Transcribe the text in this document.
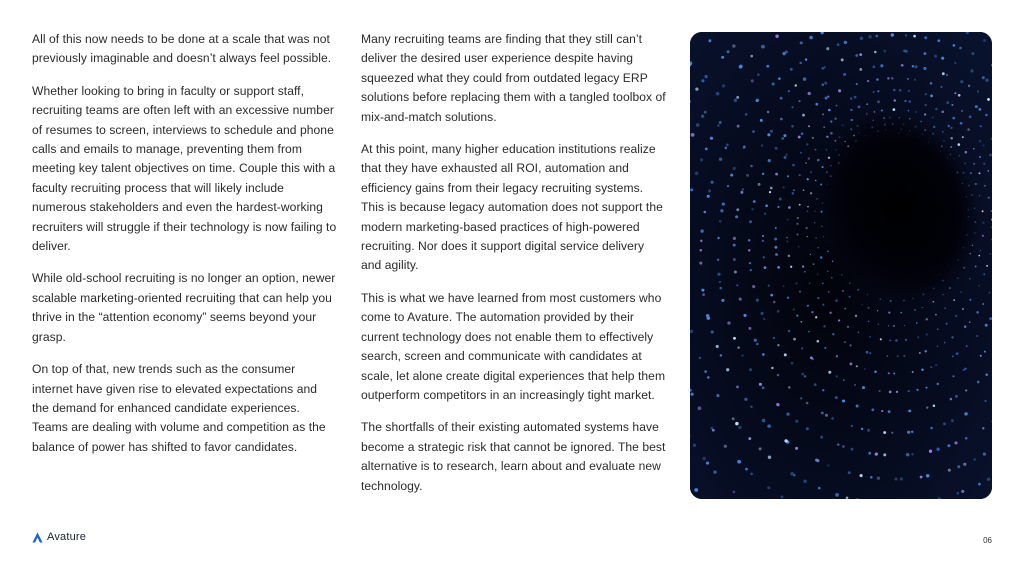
All of this now needs to be done at a scale that was not previously imaginable and doesn’t always feel possible.

Whether looking to bring in faculty or support staff, recruiting teams are often left with an excessive number of resumes to screen, interviews to schedule and phone calls and emails to manage, preventing them from meeting key talent objectives on time. Couple this with a faculty recruiting process that will likely include numerous stakeholders and even the hardest-working recruiters will struggle if their technology is now failing to deliver.

While old-school recruiting is no longer an option, newer scalable marketing-oriented recruiting that can help you thrive in the “attention economy” seems beyond your grasp.

On top of that, new trends such as the consumer internet have given rise to elevated expectations and the demand for enhanced candidate experiences. Teams are dealing with volume and competition as the balance of power has shifted to favor candidates.

Many recruiting teams are finding that they still can’t deliver the desired user experience despite having squeezed what they could from outdated legacy ERP solutions before replacing them with a tangled toolbox of mix-and-match solutions.

At this point, many higher education institutions realize that they have exhausted all ROI, automation and efficiency gains from their legacy recruiting systems. This is because legacy automation does not support the modern marketing-based practices of high-powered recruiting. Nor does it support digital service delivery and agility.

This is what we have learned from most customers who come to Avature. The automation provided by their current technology does not enable them to effectively search, screen and communicate with candidates at scale, let alone create digital experiences that help them outperform competitors in an increasingly tight market.

The shortfalls of their existing automated systems have become a strategic risk that cannot be ignored. The best alternative is to research, learn about and evaluate new technology.

Avature	06
